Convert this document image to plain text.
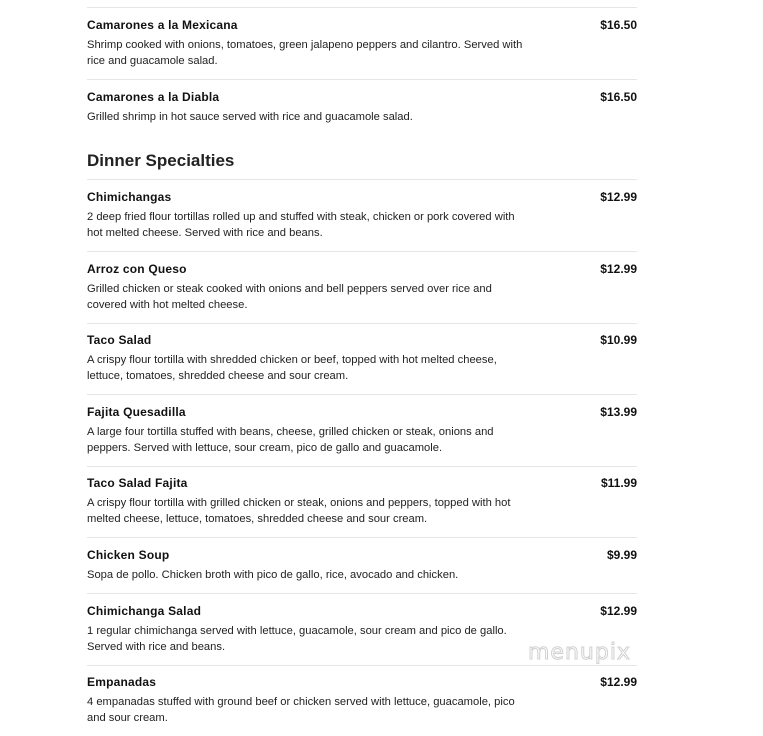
Camarones a la Mexicana	$16.50
Shrimp cooked with onions, tomatoes, green jalapeno peppers and cilantro. Served with rice and guacamole salad.
Camarones a la Diabla	$16.50
Grilled shrimp in hot sauce served with rice and guacamole salad.
Dinner Specialties
Chimichangas	$12.99
2 deep fried flour tortillas rolled up and stuffed with steak, chicken or pork covered with hot melted cheese. Served with rice and beans.
Arroz con Queso	$12.99
Grilled chicken or steak cooked with onions and bell peppers served over rice and covered with hot melted cheese.
Taco Salad	$10.99
A crispy flour tortilla with shredded chicken or beef, topped with hot melted cheese, lettuce, tomatoes, shredded cheese and sour cream.
Fajita Quesadilla	$13.99
A large four tortilla stuffed with beans, cheese, grilled chicken or steak, onions and peppers. Served with lettuce, sour cream, pico de gallo and guacamole.
Taco Salad Fajita	$11.99
A crispy flour tortilla with grilled chicken or steak, onions and peppers, topped with hot melted cheese, lettuce, tomatoes, shredded cheese and sour cream.
Chicken Soup	$9.99
Sopa de pollo. Chicken broth with pico de gallo, rice, avocado and chicken.
Chimichanga Salad	$12.99
1 regular chimichanga served with lettuce, guacamole, sour cream and pico de gallo. Served with rice and beans.
Empanadas	$12.99
4 empanadas stuffed with ground beef or chicken served with lettuce, guacamole, pico and sour cream.
menupix
